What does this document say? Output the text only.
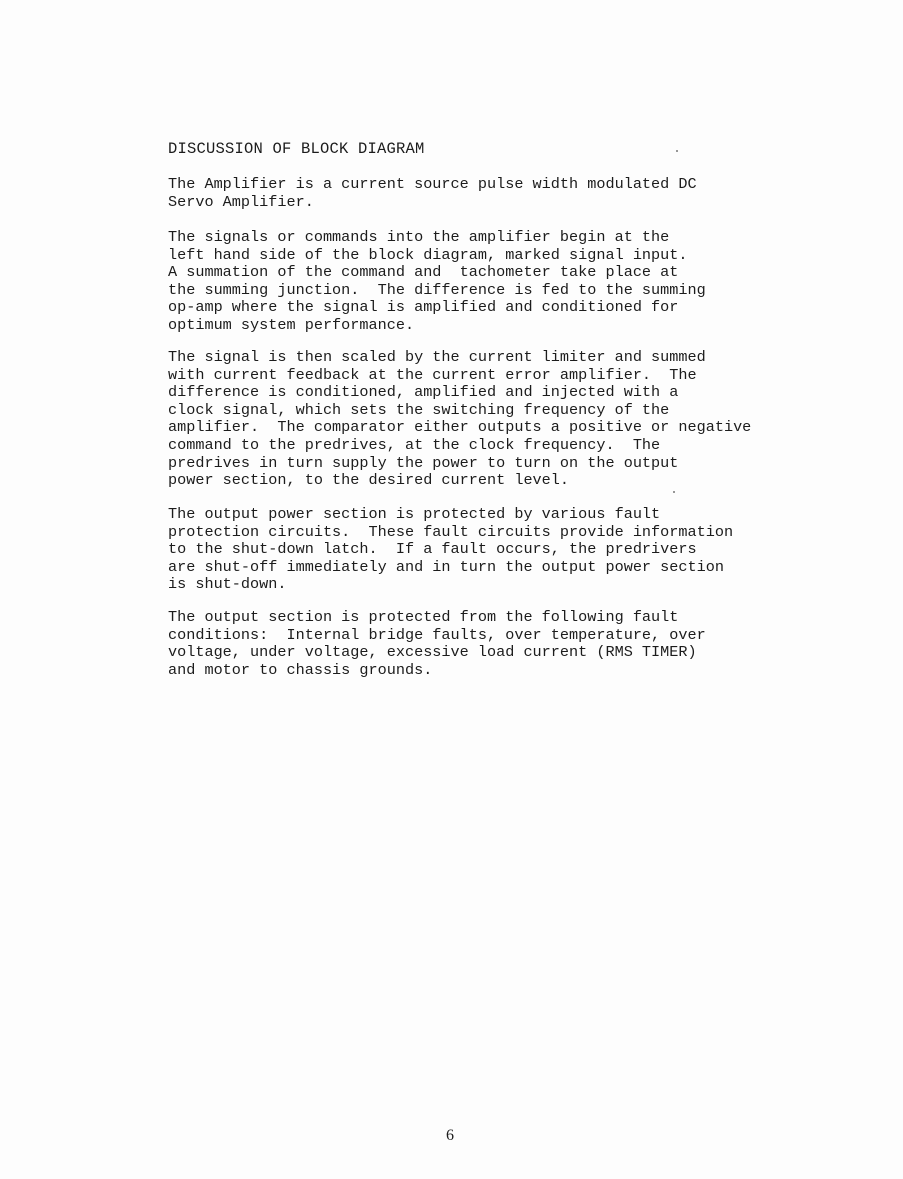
DISCUSSION OF BLOCK DIAGRAM

The Amplifier is a current source pulse width modulated DC
Servo Amplifier.

The signals or commands into the amplifier begin at the
left hand side of the block diagram, marked signal input.
A summation of the command and  tachometer take place at
the summing junction.  The difference is fed to the summing
op-amp where the signal is amplified and conditioned for
optimum system performance.

The signal is then scaled by the current limiter and summed
with current feedback at the current error amplifier.  The
difference is conditioned, amplified and injected with a
clock signal, which sets the switching frequency of the
amplifier.  The comparator either outputs a positive or negative
command to the predrives, at the clock frequency.  The
predrives in turn supply the power to turn on the output
power section, to the desired current level.

The output power section is protected by various fault
protection circuits.  These fault circuits provide information
to the shut-down latch.  If a fault occurs, the predrivers
are shut-off immediately and in turn the output power section
is shut-down.

The output section is protected from the following fault
conditions:  Internal bridge faults, over temperature, over
voltage, under voltage, excessive load current (RMS TIMER)
and motor to chassis grounds.

6
